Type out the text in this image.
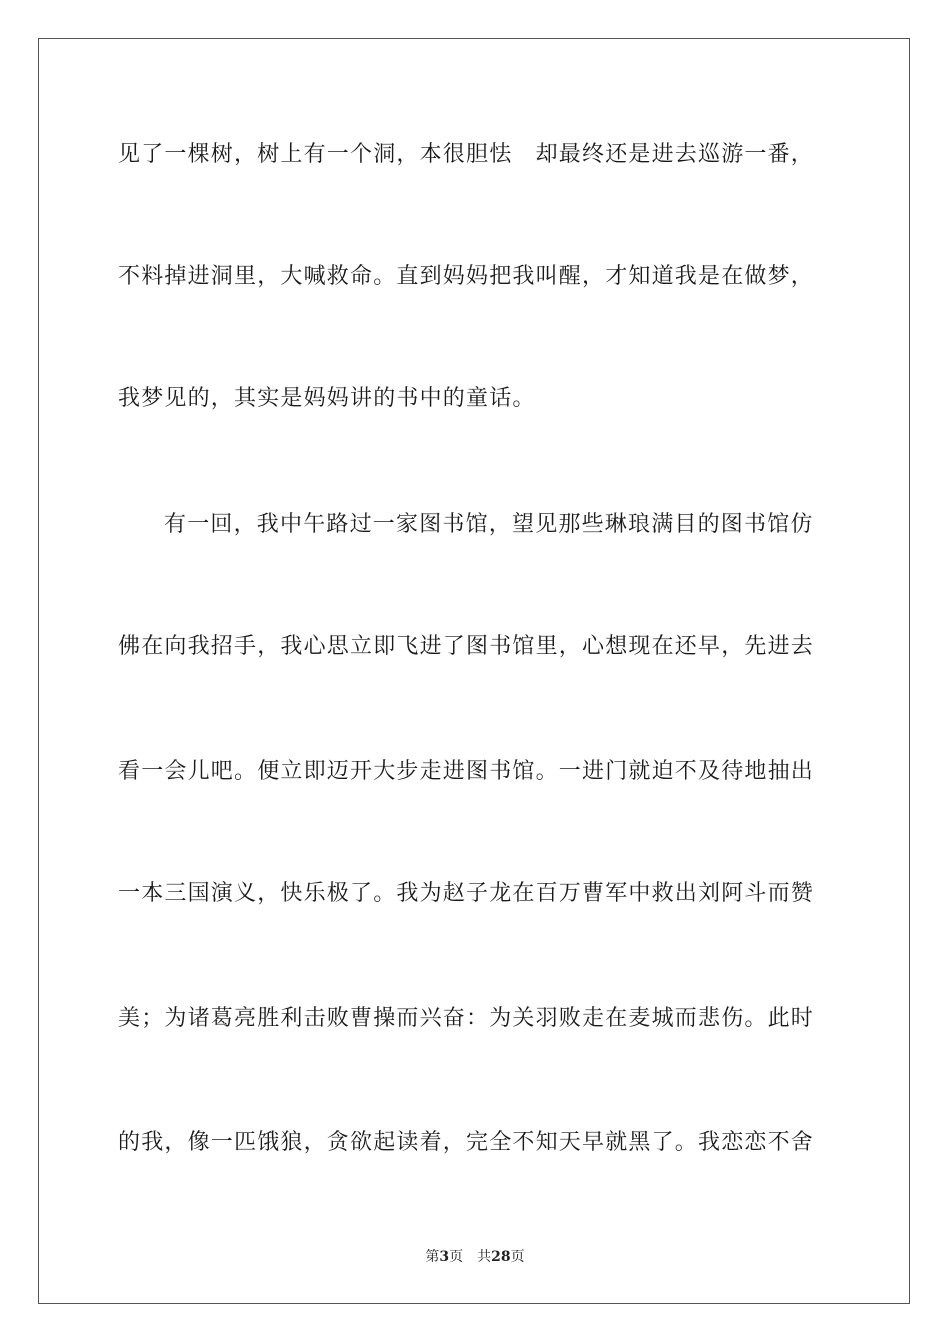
见了一棵树，树上有一个洞，本很胆怯　却最终还是进去巡游一番，
不料掉进洞里，大喊救命。直到妈妈把我叫醒，才知道我是在做梦，
我梦见的，其实是妈妈讲的书中的童话。
有一回，我中午路过一家图书馆，望见那些琳琅满目的图书馆仿
佛在向我招手，我心思立即飞进了图书馆里，心想现在还早，先进去
看一会儿吧。便立即迈开大步走进图书馆。一进门就迫不及待地抽出
一本三国演义，快乐极了。我为赵子龙在百万曹军中救出刘阿斗而赞
美；为诸葛亮胜利击败曹操而兴奋：为关羽败走在麦城而悲伤。此时
的我，像一匹饿狼，贪欲起读着，完全不知天早就黑了。我恋恋不舍
第3页 共28页
